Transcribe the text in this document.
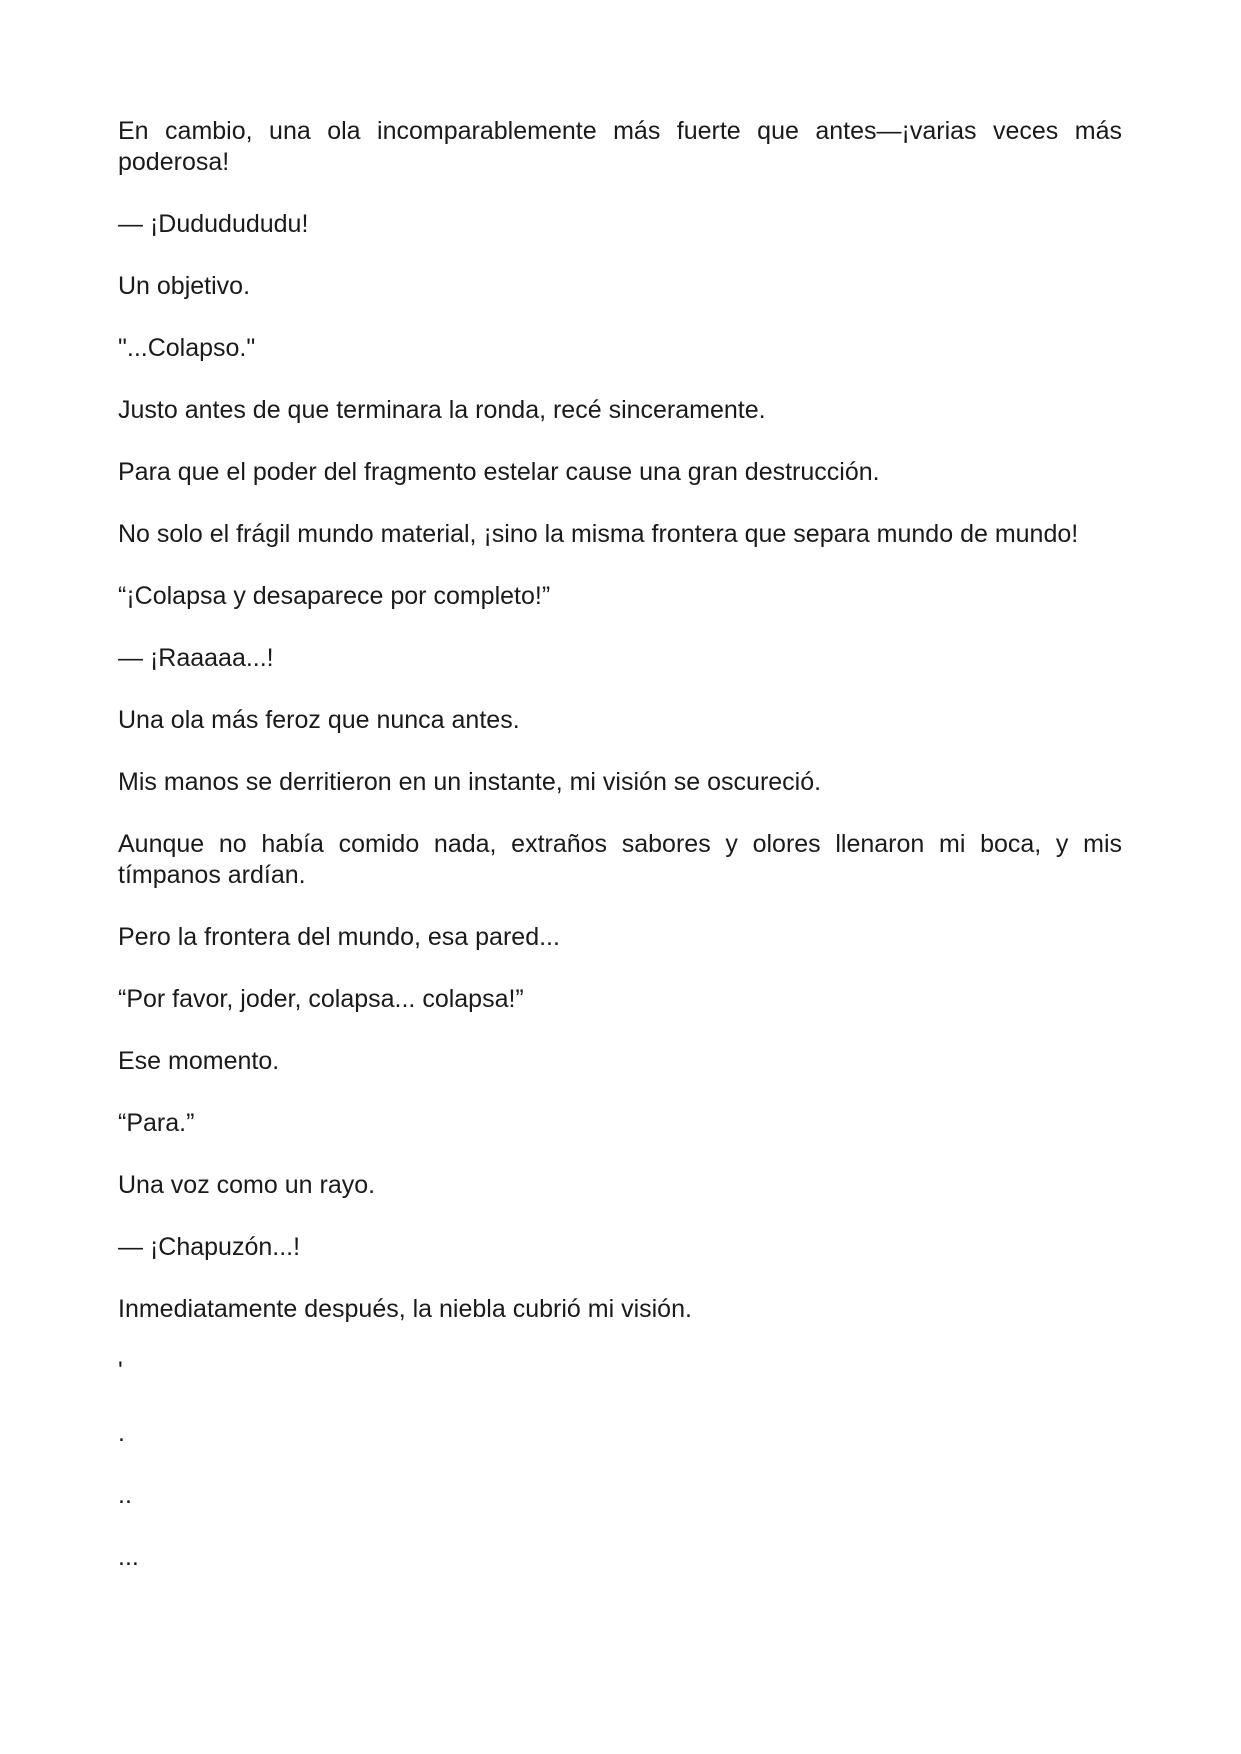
En cambio, una ola incomparablemente más fuerte que antes—¡varias veces más poderosa!

— ¡Dududududu!

Un objetivo.

"...Colapso."

Justo antes de que terminara la ronda, recé sinceramente.

Para que el poder del fragmento estelar cause una gran destrucción.

No solo el frágil mundo material, ¡sino la misma frontera que separa mundo de mundo!

“¡Colapsa y desaparece por completo!”

— ¡Raaaaa...!

Una ola más feroz que nunca antes.

Mis manos se derritieron en un instante, mi visión se oscureció.

Aunque no había comido nada, extraños sabores y olores llenaron mi boca, y mis tímpanos ardían.

Pero la frontera del mundo, esa pared...

“Por favor, joder, colapsa... colapsa!”

Ese momento.

“Para.”

Una voz como un rayo.

— ¡Chapuzón...!

Inmediatamente después, la niebla cubrió mi visión.

'

.

..

...
